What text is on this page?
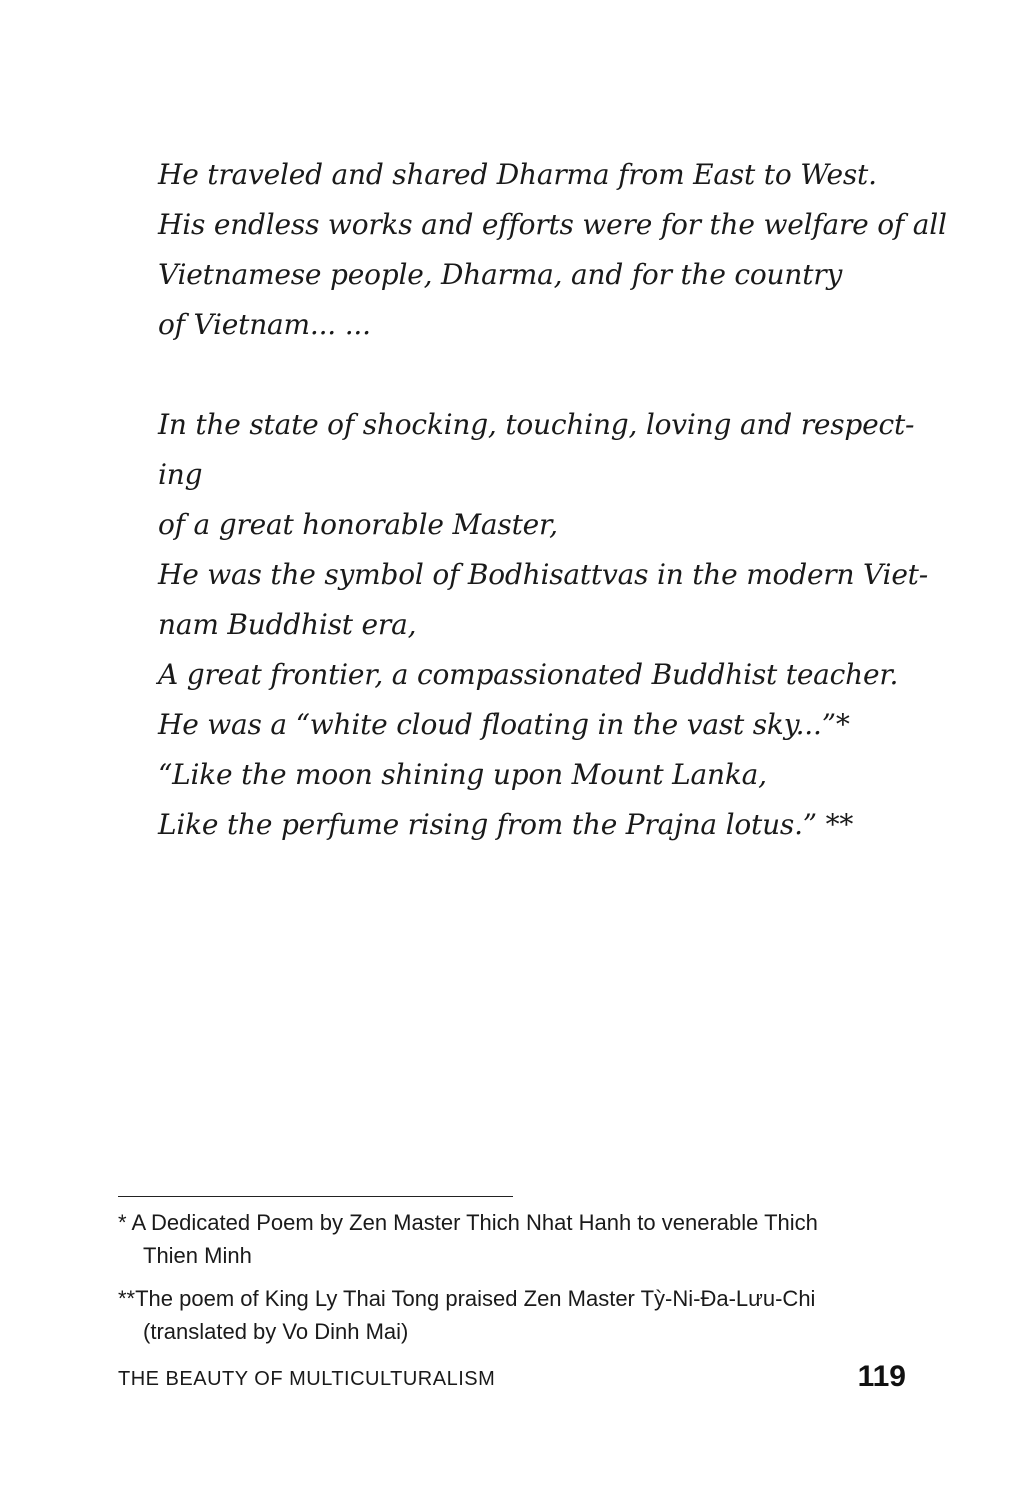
He traveled and shared Dharma from East to West.
His endless works and efforts were for the welfare of all
Vietnamese people, Dharma, and for the country
of Vietnam... ...
In the state of shocking, touching, loving and respect-
ing
of a great honorable Master,
He was the symbol of Bodhisattvas in the modern Viet-
nam Buddhist era,
A great frontier, a compassionated Buddhist teacher.
He was a “white cloud floating in the vast sky...”*
“Like the moon shining upon Mount Lanka,
Like the perfume rising from the Prajna lotus.” **
* A Dedicated Poem by Zen Master Thich Nhat Hanh to venerable Thich
Thien Minh
**The poem of King Ly Thai Tong praised Zen Master Tỳ-Ni-Đa-Lưu-Chi
(translated by Vo Dinh Mai)
THE BEAUTY OF MULTICULTURALISM	119
